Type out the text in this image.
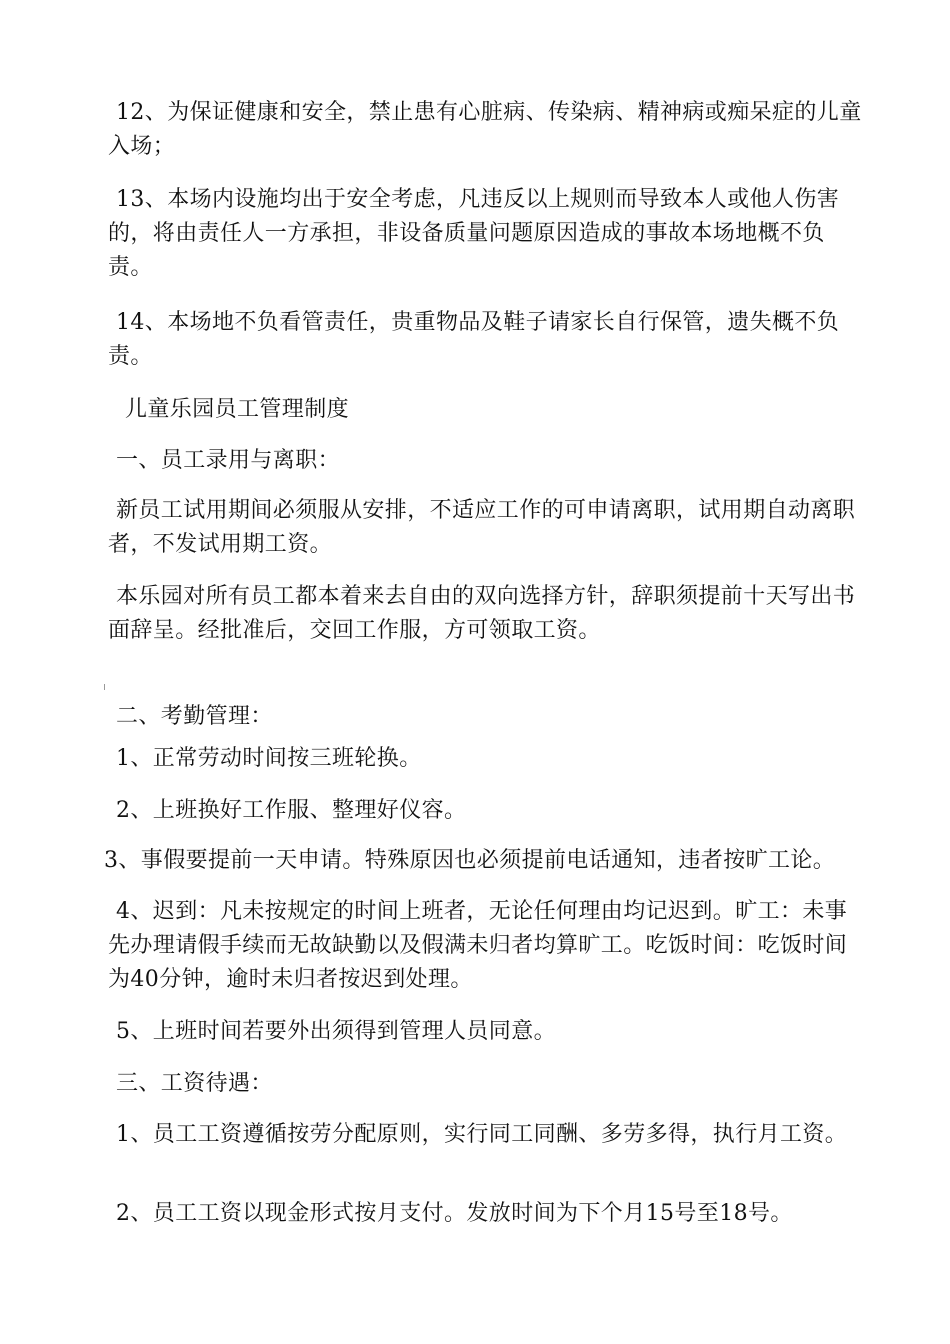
12、为保证健康和安全，禁止患有心脏病、传染病、精神病或痴呆症的儿童入场；
13、本场内设施均出于安全考虑，凡违反以上规则而导致本人或他人伤害的，将由责任人一方承担，非设备质量问题原因造成的事故本场地概不负责。
14、本场地不负看管责任，贵重物品及鞋子请家长自行保管，遗失概不负责。
儿童乐园员工管理制度
一、员工录用与离职：
新员工试用期间必须服从安排，不适应工作的可申请离职，试用期自动离职者，不发试用期工资。
本乐园对所有员工都本着来去自由的双向选择方针，辞职须提前十天写出书面辞呈。经批准后，交回工作服，方可领取工资。
二、考勤管理：
1、正常劳动时间按三班轮换。
2、上班换好工作服、整理好仪容。
3、事假要提前一天申请。特殊原因也必须提前电话通知，违者按旷工论。
4、迟到：凡未按规定的时间上班者，无论任何理由均记迟到。旷工：未事先办理请假手续而无故缺勤以及假满未归者均算旷工。吃饭时间：吃饭时间为40分钟，逾时未归者按迟到处理。
5、上班时间若要外出须得到管理人员同意。
三、工资待遇：
1、员工工资遵循按劳分配原则，实行同工同酬、多劳多得，执行月工资。
2、员工工资以现金形式按月支付。发放时间为下个月15号至18号。
